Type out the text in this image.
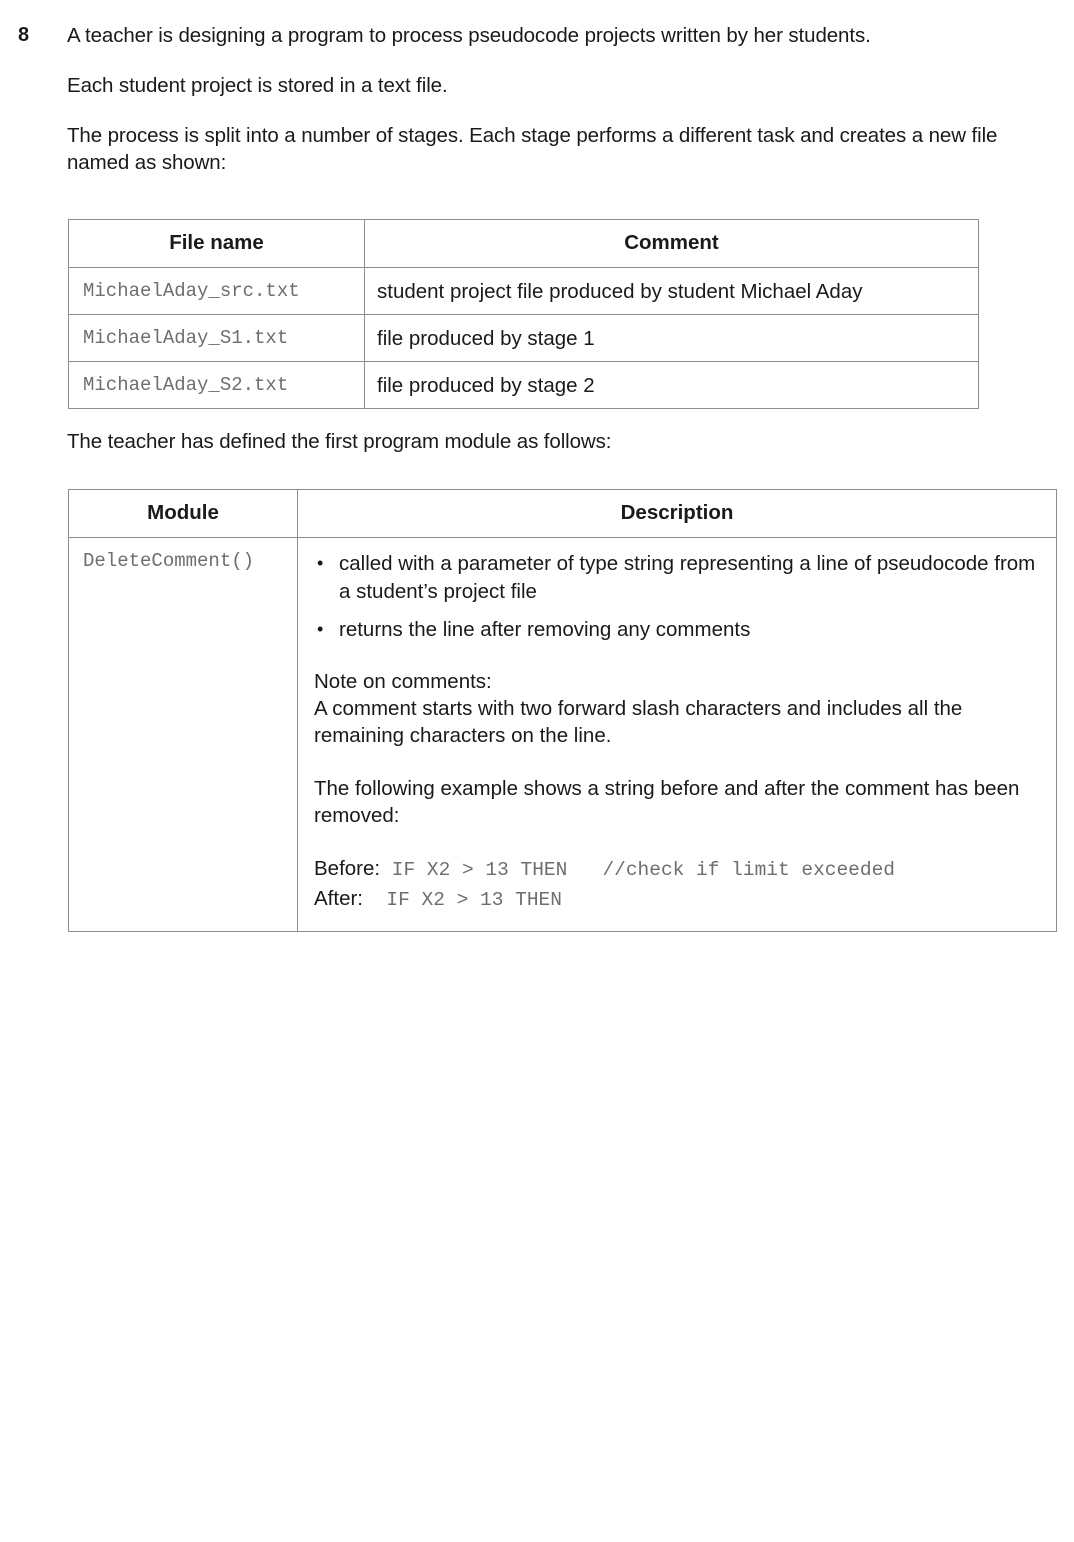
8 A teacher is designing a program to process pseudocode projects written by her students.

Each student project is stored in a text file.

The process is split into a number of stages. Each stage performs a different task and creates a new file named as shown:

File name	Comment

MichaelAday_src.txt	student project file produced by student Michael Aday

MichaelAday_S1.txt	file produced by stage 1

MichaelAday_S2.txt	file produced by stage 2

The teacher has defined the first program module as follows:

Module	Description
DeleteComment()	
•called with a parameter of type string representing a line of pseudocode from a student’s project file
• returns the line after removing any comments
Note on comments:
A comment starts with two forward slash characters and includes all the remaining characters on the line.
The following example shows a string before and after the comment has been removed:
Before: IF X2 > 13 THEN   //check if limit exceeded
After:  IF X2 > 13 THEN
